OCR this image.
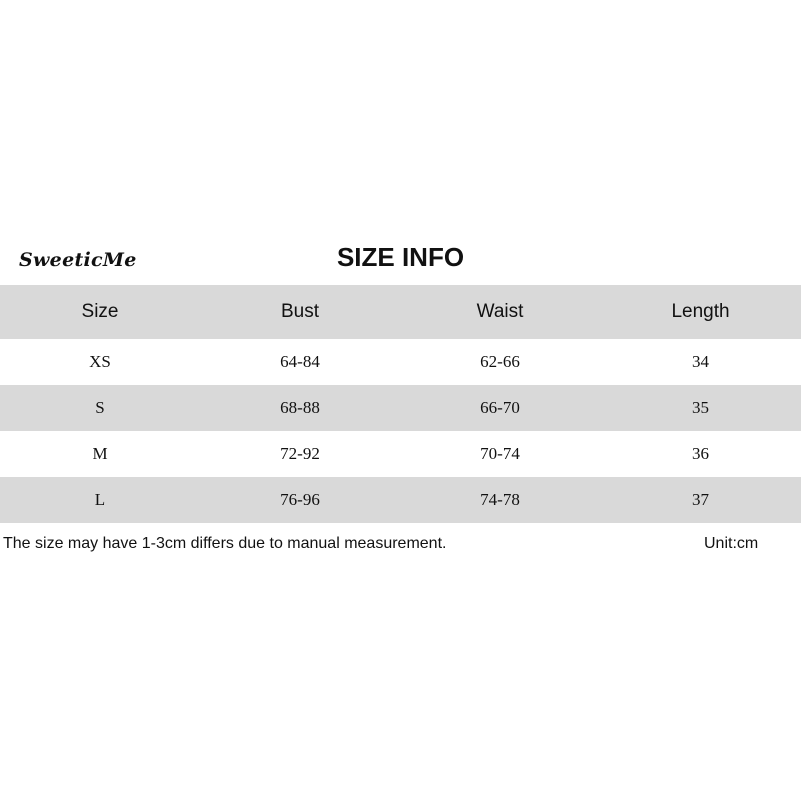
SweeticMe	SIZE INFO
Size	Bust	Waist	Length
XS	64-84	62-66	34
S	68-88	66-70	35
M	72-92	70-74	36
L	76-96	74-78	37
The size may have 1-3cm differs due to manual measurement.	Unit:cm
